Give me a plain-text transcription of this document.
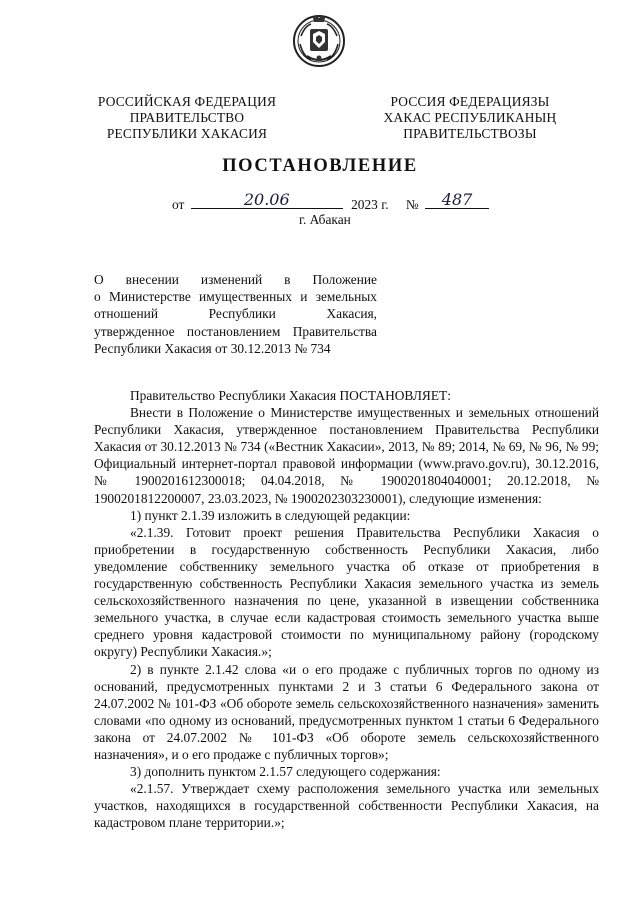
РОССИЙСКАЯ ФЕДЕРАЦИЯ
ПРАВИТЕЛЬСТВО
РЕСПУБЛИКИ ХАКАСИЯ
РОССИЯ ФЕДЕРАЦИЯЗЫ
ХАКАС РЕСПУБЛИКАНЫҢ
ПРАВИТЕЛЬСТВОЗЫ
ПОСТАНОВЛЕНИЕ
от	20.06	2023 г. №	487
г. Абакан
О внесении изменений в Положение
о Министерстве имущественных и земельных
отношений Республики Хакасия,
утвержденное постановлением Правительства
Республики Хакасия от 30.12.2013 № 734

Правительство Республики Хакасия ПОСТАНОВЛЯЕТ:

Внести в Положение о Министерстве имущественных и земельных отношений Республики Хакасия, утвержденное постановлением Правительства Республики Хакасия от 30.12.2013 № 734 («Вестник Хакасии», 2013, № 89; 2014, № 69, № 96, № 99; Официальный интернет-портал правовой информации (www.pravo.gov.ru), 30.12.2016, № 1900201612300018; 04.04.2018, № 1900201804040001; 20.12.2018, № 1900201812200007, 23.03.2023, № 1900202303230001), следующие изменения:

1) пункт 2.1.39 изложить в следующей редакции:

«2.1.39. Готовит проект решения Правительства Республики Хакасия о приобретении в государственную собственность Республики Хакасия, либо уведомление собственнику земельного участка об отказе от приобретения в государственную собственность Республики Хакасия земельного участка из земель сельскохозяйственного назначения по цене, указанной в извещении собственника земельного участка, в случае если кадастровая стоимость земельного участка выше среднего уровня кадастровой стоимости по муниципальному району (городскому округу) Республики Хакасия.»;

2) в пункте 2.1.42 слова «и о его продаже с публичных торгов по одному из оснований, предусмотренных пунктами 2 и 3 статьи 6 Федерального закона от 24.07.2002 № 101-ФЗ «Об обороте земель сельскохозяйственного назначения» заменить словами «по одному из оснований, предусмотренных пунктом 1 статьи 6 Федерального закона от 24.07.2002 № 101-ФЗ «Об обороте земель сельскохозяйственного назначения», и о его продаже с публичных торгов»;

3) дополнить пунктом 2.1.57 следующего содержания:

«2.1.57. Утверждает схему расположения земельного участка или земельных участков, находящихся в государственной собственности Республики Хакасия, на кадастровом плане территории.»;
